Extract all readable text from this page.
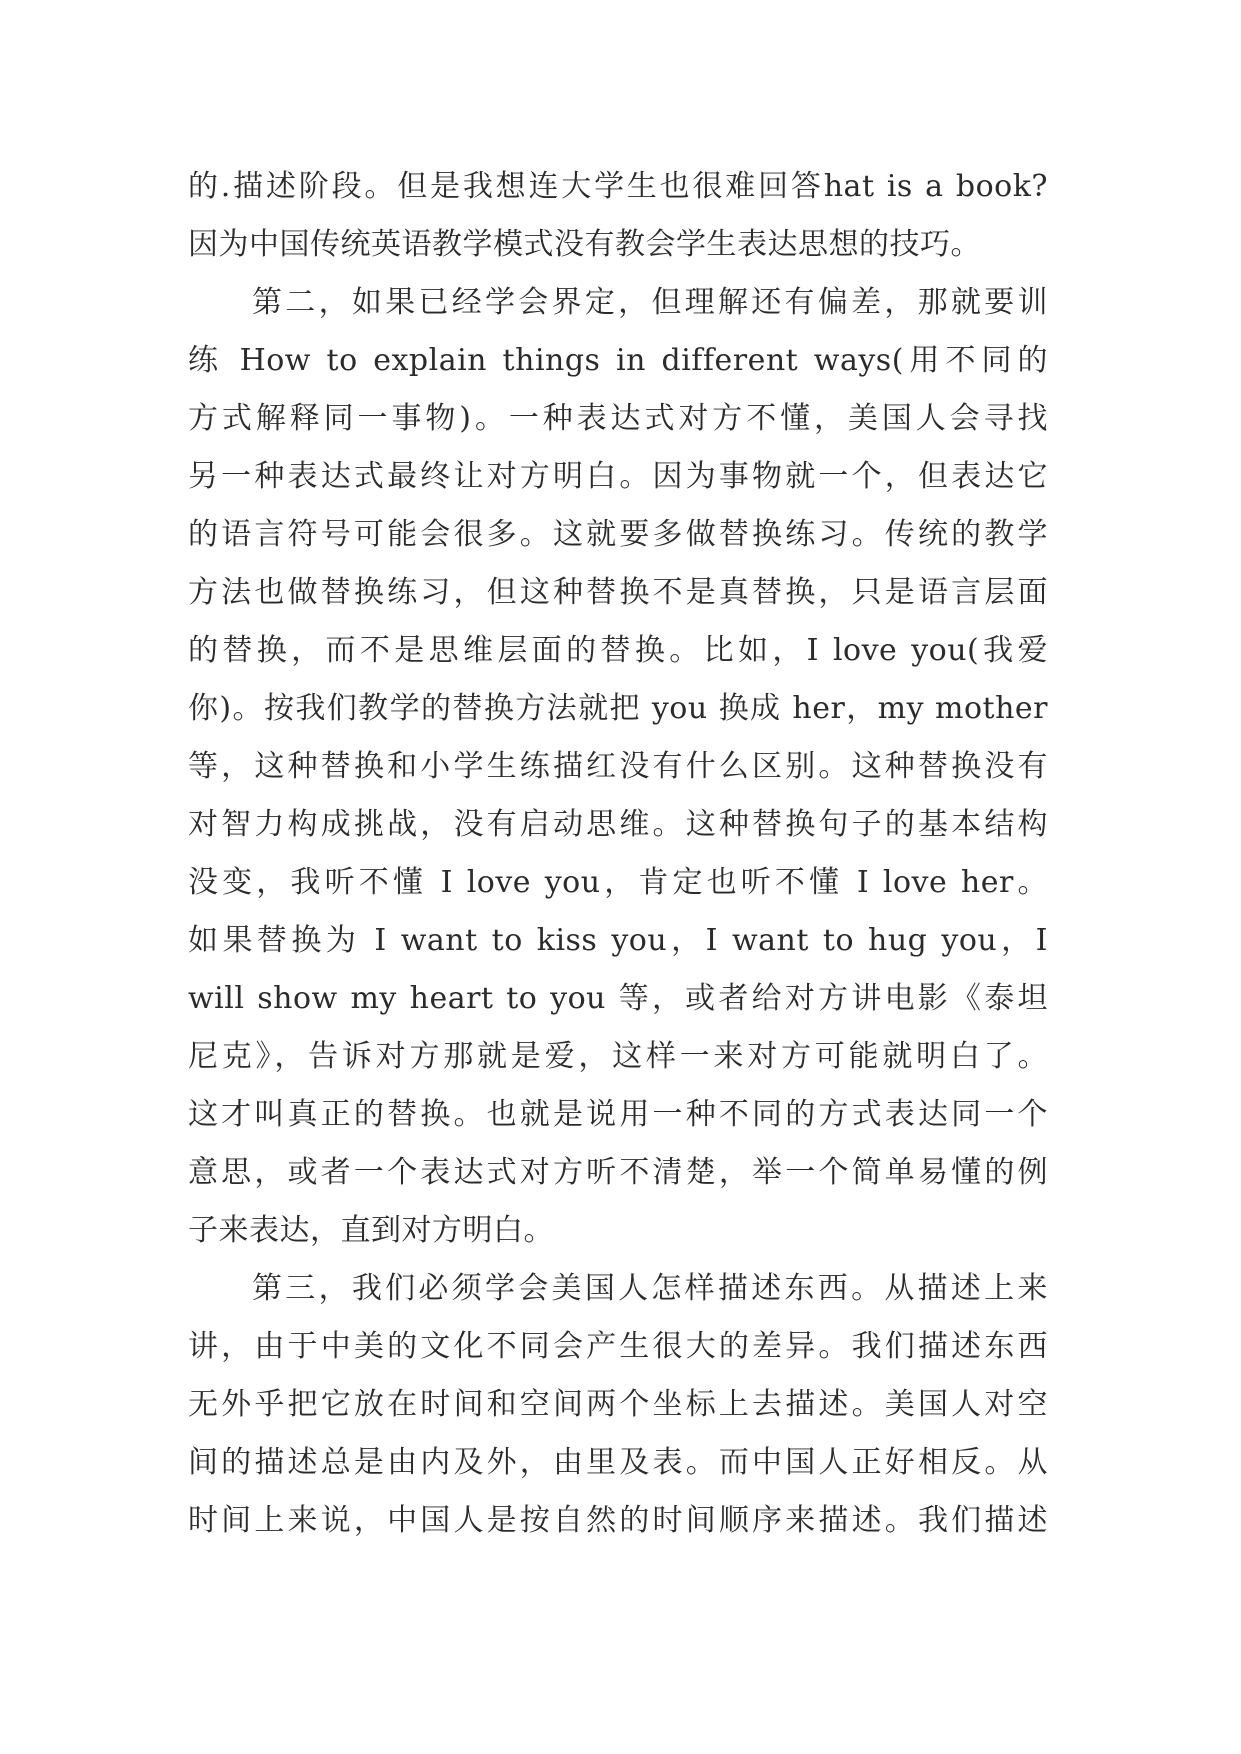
的.描述阶段。但是我想连大学生也很难回答hat is a book?
因为中国传统英语教学模式没有教会学生表达思想的技巧。
第二，如果已经学会界定，但理解还有偏差，那就要训
练 How to explain things in different ways(用不同的
方式解释同一事物)。一种表达式对方不懂，美国人会寻找
另一种表达式最终让对方明白。因为事物就一个，但表达它
的语言符号可能会很多。这就要多做替换练习。传统的教学
方法也做替换练习，但这种替换不是真替换，只是语言层面
的替换，而不是思维层面的替换。比如，I love you(我爱
你)。按我们教学的替换方法就把 you 换成 her，my mother
等，这种替换和小学生练描红没有什么区别。这种替换没有
对智力构成挑战，没有启动思维。这种替换句子的基本结构
没变，我听不懂 I love you，肯定也听不懂 I love her。
如果替换为 I want to kiss you，I want to hug you，I
will show my heart to you 等，或者给对方讲电影《泰坦
尼克》，告诉对方那就是爱，这样一来对方可能就明白了。
这才叫真正的替换。也就是说用一种不同的方式表达同一个
意思，或者一个表达式对方听不清楚，举一个简单易懂的例
子来表达，直到对方明白。
第三，我们必须学会美国人怎样描述东西。从描述上来
讲，由于中美的文化不同会产生很大的差异。我们描述东西
无外乎把它放在时间和空间两个坐标上去描述。美国人对空
间的描述总是由内及外，由里及表。而中国人正好相反。从
时间上来说，中国人是按自然的时间顺序来描述。我们描述
